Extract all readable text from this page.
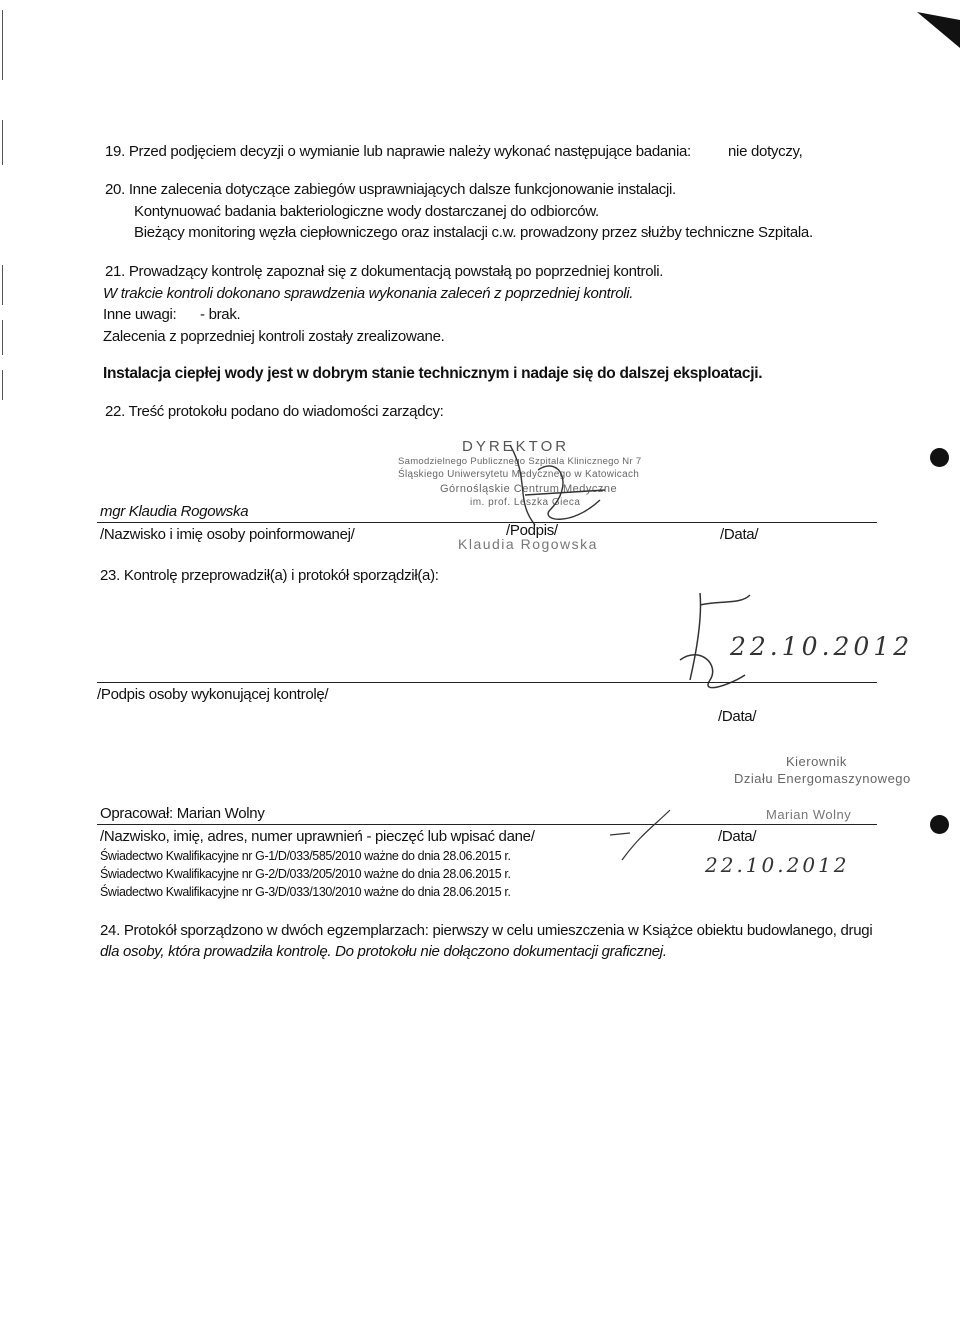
19. Przed podjęciem decyzji o wymianie lub naprawie należy wykonać następujące badania: nie dotyczy,
20. Inne zalecenia dotyczące zabiegów usprawniających dalsze funkcjonowanie instalacji.
Kontynuować badania bakteriologiczne wody dostarczanej do odbiorców.
Bieżący monitoring węzła ciepłowniczego oraz instalacji c.w. prowadzony przez służby techniczne Szpitala.
21. Prowadzący kontrolę zapoznał się z dokumentacją powstałą po poprzedniej kontroli.
W trakcie kontroli dokonano sprawdzenia wykonania zaleceń z poprzedniej kontroli.
Inne uwagi: - brak.
Zalecenia z poprzedniej kontroli zostały zrealizowane.
Instalacja ciepłej wody jest w dobrym stanie technicznym i nadaje się do dalszej eksploatacji.
22. Treść protokołu podano do wiadomości zarządcy:
DYREKTOR
Samodzielnego Publicznego Szpitala Klinicznego Nr 7
Śląskiego Uniwersytetu Medycznego w Katowicach
Górnośląskie Centrum Medyczne
im. prof. Leszka Gieca
mgr Klaudia Rogowska
/Nazwisko i imię osoby poinformowanej/	/Podpis/
Klaudia Rogowska
/Data/
23. Kontrolę przeprowadził(a) i protokół sporządził(a):
22.10.2012
/Podpis osoby wykonującej kontrolę/
/Data/
Kierownik
Działu Energomaszynowego
Opracował: Marian Wolny	Marian Wolny
/Nazwisko, imię, adres, numer uprawnień - pieczęć lub wpisać dane/	/Data/
Świadectwo Kwalifikacyjne nr G-1/D/033/585/2010 ważne do dnia 28.06.2015 r.
Świadectwo Kwalifikacyjne nr G-2/D/033/205/2010 ważne do dnia 28.06.2015 r.
Świadectwo Kwalifikacyjne nr G-3/D/033/130/2010 ważne do dnia 28.06.2015 r.
22.10.2012
24. Protokół sporządzono w dwóch egzemplarzach: pierwszy w celu umieszczenia w Książce obiektu budowlanego, drugi
dla osoby, która prowadziła kontrolę. Do protokołu nie dołączono dokumentacji graficznej.
